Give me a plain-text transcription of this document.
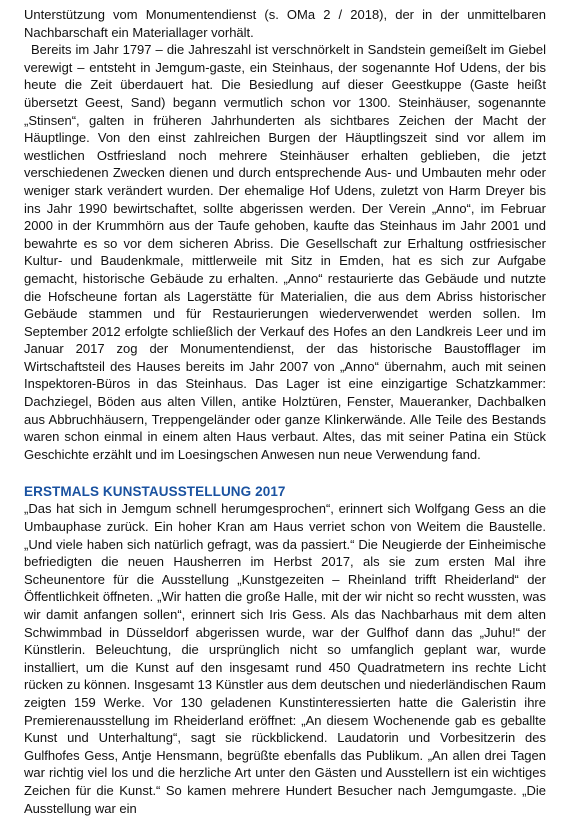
Unterstützung vom Monumentendienst (s. OMa 2 / 2018), der in der unmittelbaren Nachbarschaft ein Materiallager vorhält.

Bereits im Jahr 1797 – die Jahreszahl ist verschnörkelt in Sandstein gemeißelt im Giebel verewigt – entsteht in Jemgum-gaste, ein Steinhaus, der sogenannte Hof Udens, der bis heute die Zeit überdauert hat. Die Besiedlung auf dieser Geestkuppe (Gaste heißt übersetzt Geest, Sand) begann vermutlich schon vor 1300. Steinhäuser, sogenannte „Stinsen“, galten in früheren Jahrhunderten als sichtbares Zeichen der Macht der Häuptlinge. Von den einst zahlreichen Burgen der Häuptlingszeit sind vor allem im westlichen Ostfriesland noch mehrere Steinhäuser erhalten geblieben, die jetzt verschiedenen Zwecken dienen und durch entsprechende Aus- und Umbauten mehr oder weniger stark verändert wurden. Der ehemalige Hof Udens, zuletzt von Harm Dreyer bis ins Jahr 1990 bewirtschaftet, sollte abgerissen werden. Der Verein „Anno“, im Februar 2000 in der Krummhörn aus der Taufe gehoben, kaufte das Steinhaus im Jahr 2001 und bewahrte es so vor dem sicheren Abriss. Die Gesellschaft zur Erhaltung ostfriesischer Kultur- und Baudenkmale, mittlerweile mit Sitz in Emden, hat es sich zur Aufgabe gemacht, historische Gebäude zu erhalten. „Anno“ restaurierte das Gebäude und nutzte die Hofscheune fortan als Lagerstätte für Materialien, die aus dem Abriss historischer Gebäude stammen und für Restaurierungen wiederverwendet werden sollen. Im September 2012 erfolgte schließlich der Verkauf des Hofes an den Landkreis Leer und im Januar 2017 zog der Monumentendienst, der das historische Baustofflager im Wirtschaftsteil des Hauses bereits im Jahr 2007 von „Anno“ übernahm, auch mit seinen Inspektoren-Büros in das Steinhaus. Das Lager ist eine einzigartige Schatzkammer: Dachziegel, Böden aus alten Villen, antike Holztüren, Fenster, Maueranker, Dachbalken aus Abbruchhäusern, Treppengeländer oder ganze Klinkerwände. Alle Teile des Bestands waren schon einmal in einem alten Haus verbaut. Altes, das mit seiner Patina ein Stück Geschichte erzählt und im Loesingschen Anwesen nun neue Verwendung fand.

ERSTMALS KUNSTAUSSTELLUNG 2017

„Das hat sich in Jemgum schnell herumgesprochen“, erinnert sich Wolfgang Gess an die Umbauphase zurück. Ein hoher Kran am Haus verriet schon von Weitem die Baustelle. „Und viele haben sich natürlich gefragt, was da passiert.“ Die Neugierde der Einheimische befriedigten die neuen Hausherren im Herbst 2017, als sie zum ersten Mal ihre Scheunentore für die Ausstellung „Kunstgezeiten – Rheinland trifft Rheiderland“ der Öffentlichkeit öffneten. „Wir hatten die große Halle, mit der wir nicht so recht wussten, was wir damit anfangen sollen“, erinnert sich Iris Gess. Als das Nachbarhaus mit dem alten Schwimmbad in Düsseldorf abgerissen wurde, war der Gulfhof dann das „Juhu!“ der Künstlerin. Beleuchtung, die ursprünglich nicht so umfanglich geplant war, wurde installiert, um die Kunst auf den insgesamt rund 450 Quadratmetern ins rechte Licht rücken zu können. Insgesamt 13 Künstler aus dem deutschen und niederländischen Raum zeigten 159 Werke. Vor 130 geladenen Kunstinteressierten hatte die Galeristin ihre Premierenausstellung im Rheiderland eröffnet: „An diesem Wochenende gab es geballte Kunst und Unterhaltung“, sagt sie rückblickend. Laudatorin und Vorbesitzerin des Gulfhofes Gess, Antje Hensmann, begrüßte ebenfalls das Publikum. „An allen drei Tagen war richtig viel los und die herzliche Art unter den Gästen und Ausstellern ist ein wichtiges Zeichen für die Kunst.“ So kamen mehrere Hundert Besucher nach Jemgumgaste. „Die Ausstellung war ein
